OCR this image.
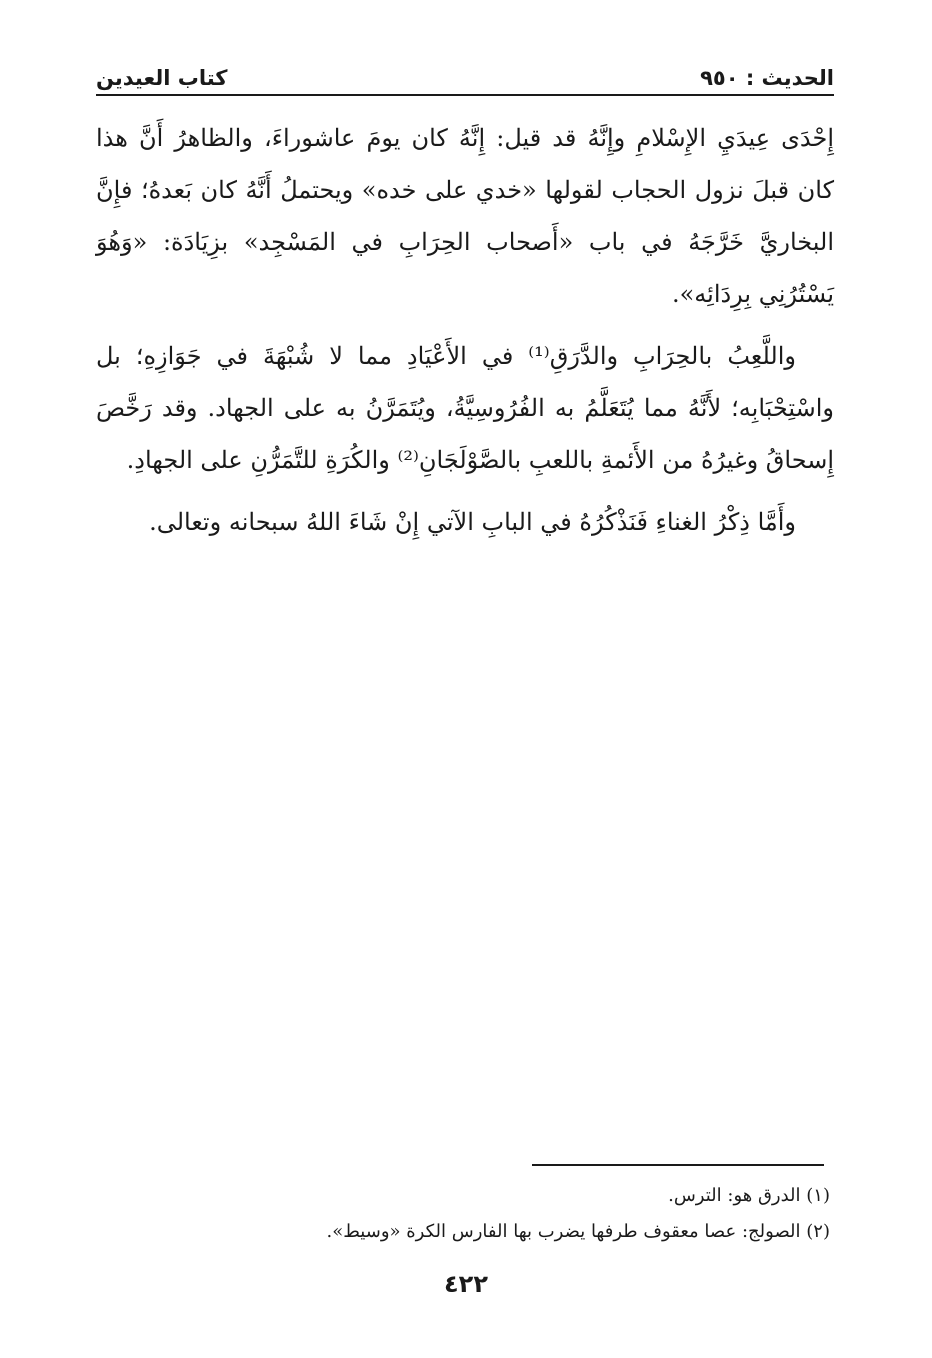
الحديث : ٩٥٠
كتاب العيدين

إِحْدَى عِيدَيِ الإِسْلامِ وإِنَّهُ قد قيل: إِنَّهُ كان يومَ عاشوراءَ، والظاهرُ أَنَّ هذا كان قبلَ نزول الحجاب لقولها «خدي على خده» ويحتملُ أَنَّهُ كان بَعدهُ؛ فإِنَّ البخاريَّ خَرَّجَهُ في باب «أَصحاب الحِرَابِ في المَسْجِد» بزِيَادَة: «وَهُوَ يَسْتُرُنِي بِرِدَائِه».

واللَّعِبُ بالحِرَابِ والدَّرَقِ⁽¹⁾ في الأَعْيَادِ مما لا شُبْهَةَ في جَوَازِهِ؛ بل واسْتِحْبَابِه؛ لأَنَّهُ مما يُتَعَلَّمُ به الفُرُوسِيَّةُ، ويُتَمَرَّنُ به على الجهاد. وقد رَخَّصَ إِسحاقُ وغيرُهُ من الأَئمةِ باللعبِ بالصَّوْلَجَانِ⁽²⁾ والكُرَةِ للتَّمَرُّنِ على الجهادِ.

وأَمَّا ذِكْرُ الغناءِ فَنَذْكُرُهُ في البابِ الآتي إِنْ شَاءَ اللهُ سبحانه وتعالى.

(١) الدرق هو: الترس.
(٢) الصولج: عصا معقوف طرفها يضرب بها الفارس الكرة «وسيط».
٤٢٢
